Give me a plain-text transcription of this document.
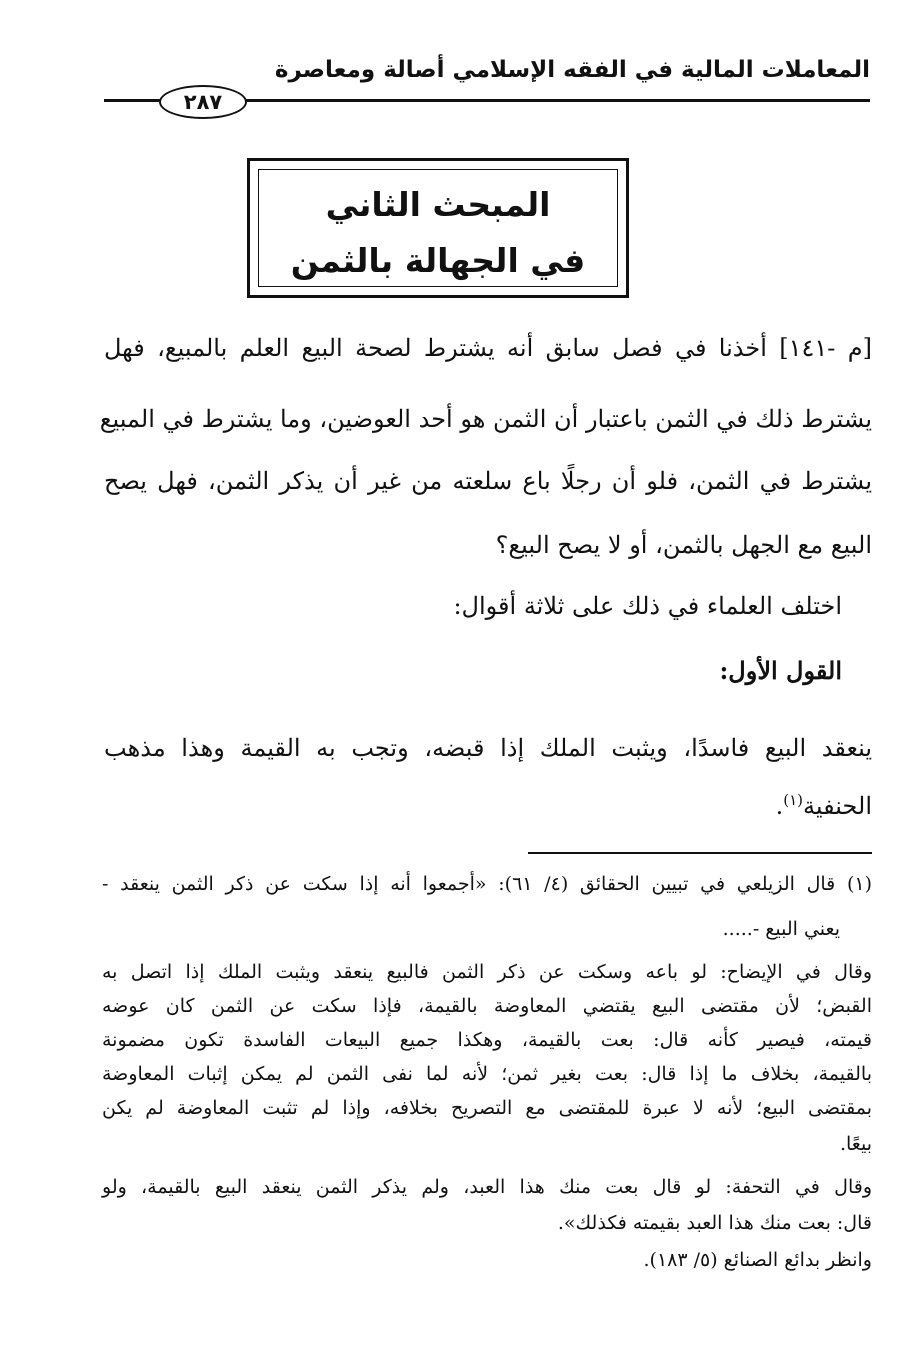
المعاملات المالية في الفقه الإسلامي أصالة ومعاصرة
٢٨٧
المبحث الثاني
في الجهالة بالثمن
[م -١٤١] أخذنا في فصل سابق أنه يشترط لصحة البيع العلم بالمبيع، فهل
يشترط ذلك في الثمن باعتبار أن الثمن هو أحد العوضين، وما يشترط في المبيع
يشترط في الثمن، فلو أن رجلًا باع سلعته من غير أن يذكر الثمن، فهل يصح
البيع مع الجهل بالثمن، أو لا يصح البيع؟
اختلف العلماء في ذلك على ثلاثة أقوال:
القول الأول:
ينعقد البيع فاسدًا، ويثبت الملك إذا قبضه، وتجب به القيمة وهذا مذهب
الحنفية$^{(١)}$.
(١) قال الزيلعي في تبيين الحقائق (٤/ ٦١): «أجمعوا أنه إذا سكت عن ذكر الثمن ينعقد -
يعني البيع -.....
وقال في الإيضاح: لو باعه وسكت عن ذكر الثمن فالبيع ينعقد ويثبت الملك إذا اتصل به
القبض؛ لأن مقتضى البيع يقتضي المعاوضة بالقيمة، فإذا سكت عن الثمن كان عوضه
قيمته، فيصير كأنه قال: بعت بالقيمة، وهكذا جميع البيعات الفاسدة تكون مضمونة
بالقيمة، بخلاف ما إذا قال: بعت بغير ثمن؛ لأنه لما نفى الثمن لم يمكن إثبات المعاوضة
بمقتضى البيع؛ لأنه لا عبرة للمقتضى مع التصريح بخلافه، وإذا لم تثبت المعاوضة لم يكن
بيعًا.
وقال في التحفة: لو قال بعت منك هذا العبد، ولم يذكر الثمن ينعقد البيع بالقيمة، ولو
قال: بعت منك هذا العبد بقيمته فكذلك».
وانظر بدائع الصنائع (٥/ ١٨٣).
